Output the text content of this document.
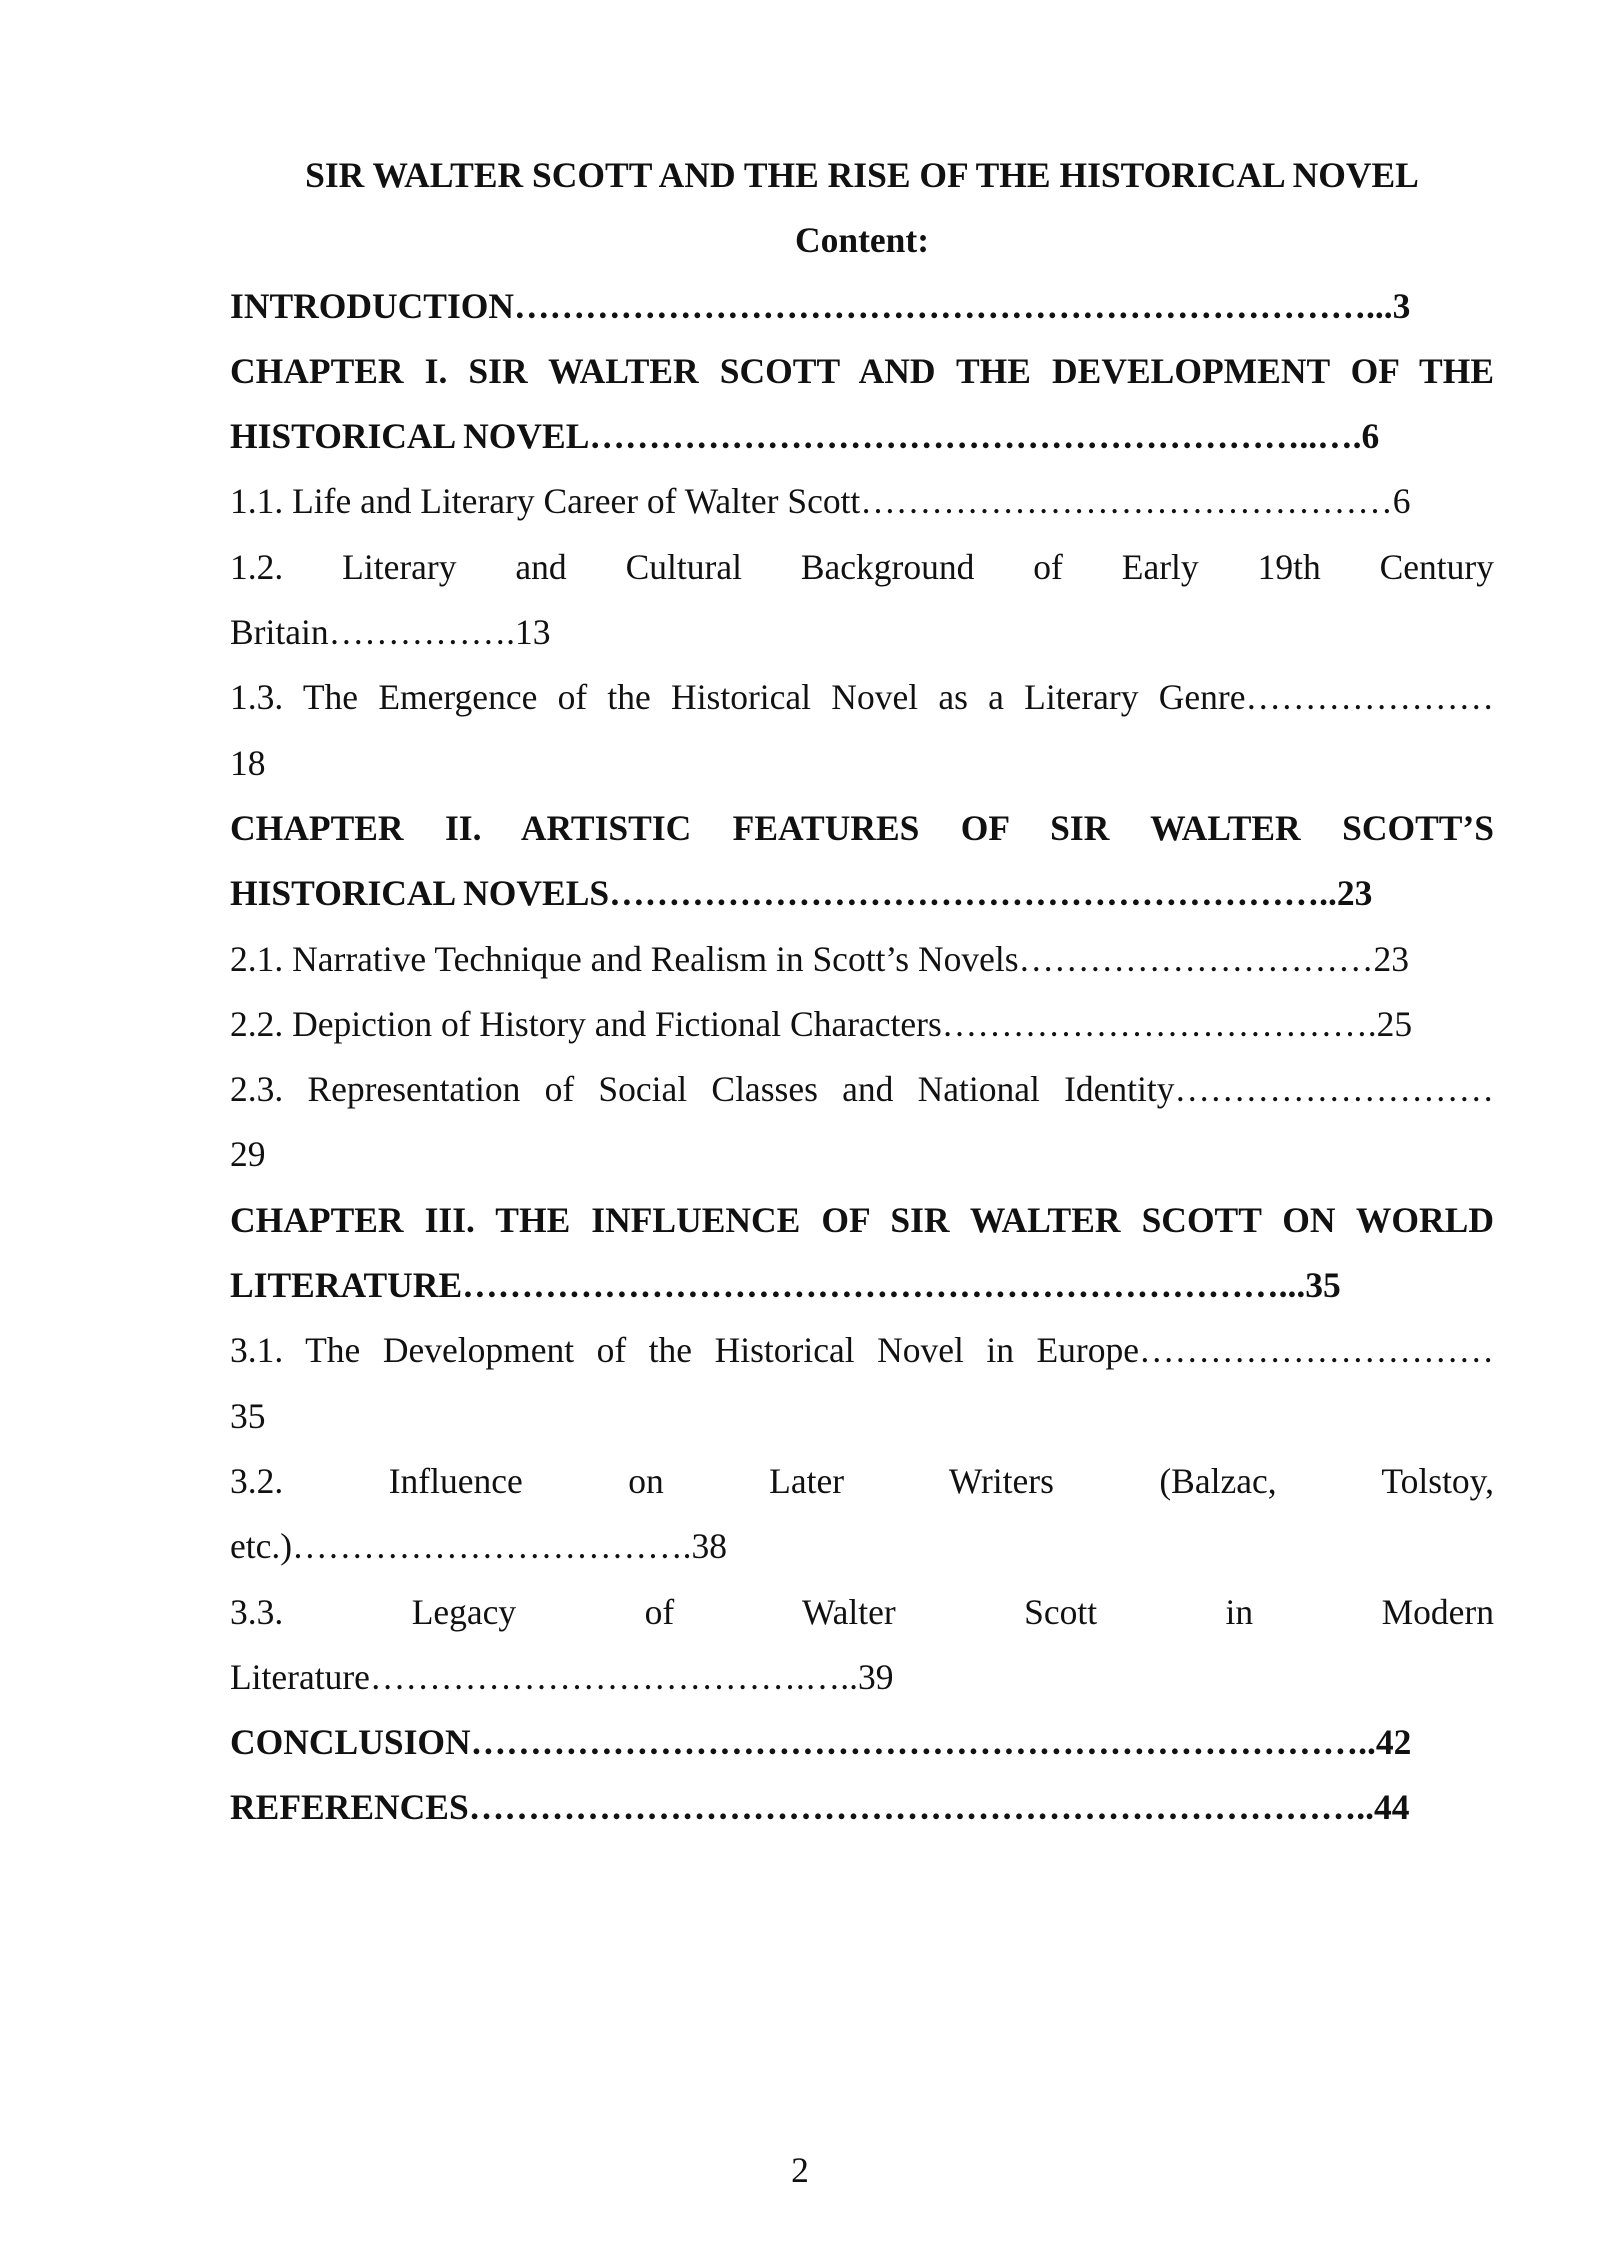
SIR WALTER SCOTT AND THE RISE OF THE HISTORICAL NOVEL
Content:
INTRODUCTION………………………………………………………………...3
CHAPTER I. SIR WALTER SCOTT AND THE DEVELOPMENT OF THE
HISTORICAL NOVEL……………………………………………………..….6
1.1. Life and Literary Career of Walter Scott………………………………………6
1.2. Literary and Cultural Background of Early 19th Century
Britain…………….13
1.3. The Emergence of the Historical Novel as a Literary Genre…………………
18
CHAPTER II. ARTISTIC FEATURES OF SIR WALTER SCOTT’S
HISTORICAL NOVELS……………………………………………………..23
2.1. Narrative Technique and Realism in Scott’s Novels…………………………23
2.2. Depiction of History and Fictional Characters……………………………….25
2.3. Representation of Social Classes and National Identity………………………
29
CHAPTER III. THE INFLUENCE OF SIR WALTER SCOTT ON WORLD
LITERATURE……………………………………………………………...35
3.1. The Development of the Historical Novel in Europe…………………………
35
3.2. Influence on Later Writers (Balzac, Tolstoy,
etc.)…………………………….38
3.3. Legacy of Walter Scott in Modern
Literature……………………………….…..39
CONCLUSION…………………………………………………………………..42
REFERENCES…………………………………………………………………..44
2
